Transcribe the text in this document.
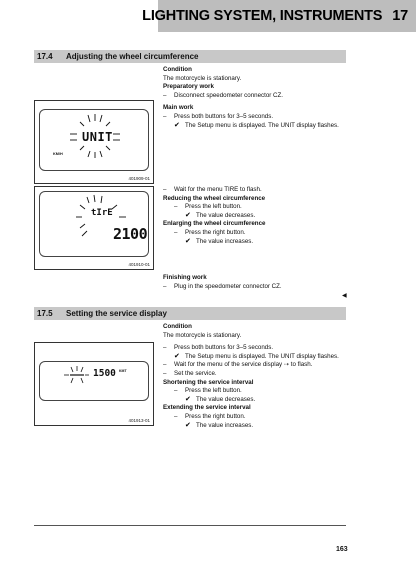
LIGHTING SYSTEM, INSTRUMENTS 17
17.4	Adjusting the wheel circumference
Condition
The motorcycle is stationary.
Preparatory work
–	Disconnect speedometer connector CZ.
Main work
–	Press both buttons for 3–5 seconds.
✔ The Setup menu is displayed. The UNIT display flashes.
–	Wait for the menu TIRE to flash.
Reducing the wheel circumference
–	Press the left button.
✔ The value decreases.
Enlarging the wheel circumference
–	Press the right button.
✔ The value increases.
Finishing work
–	Plug in the speedometer connector CZ.
◀
UNIT
KM/H
401909-01
tIrE
2100
401910-01
17.5	Setting the service display
Condition
The motorcycle is stationary.
–	Press both buttons for 3–5 seconds.
✔ The Setup menu is displayed. The UNIT display flashes.
–	Wait for the menu of the service display ⇢ to flash.
–	Set the service.
Shortening the service interval
–	Press the left button.
✔ The value decreases.
Extending the service interval
–	Press the right button.
✔ The value increases.
1500 KMT
401913-01
163
